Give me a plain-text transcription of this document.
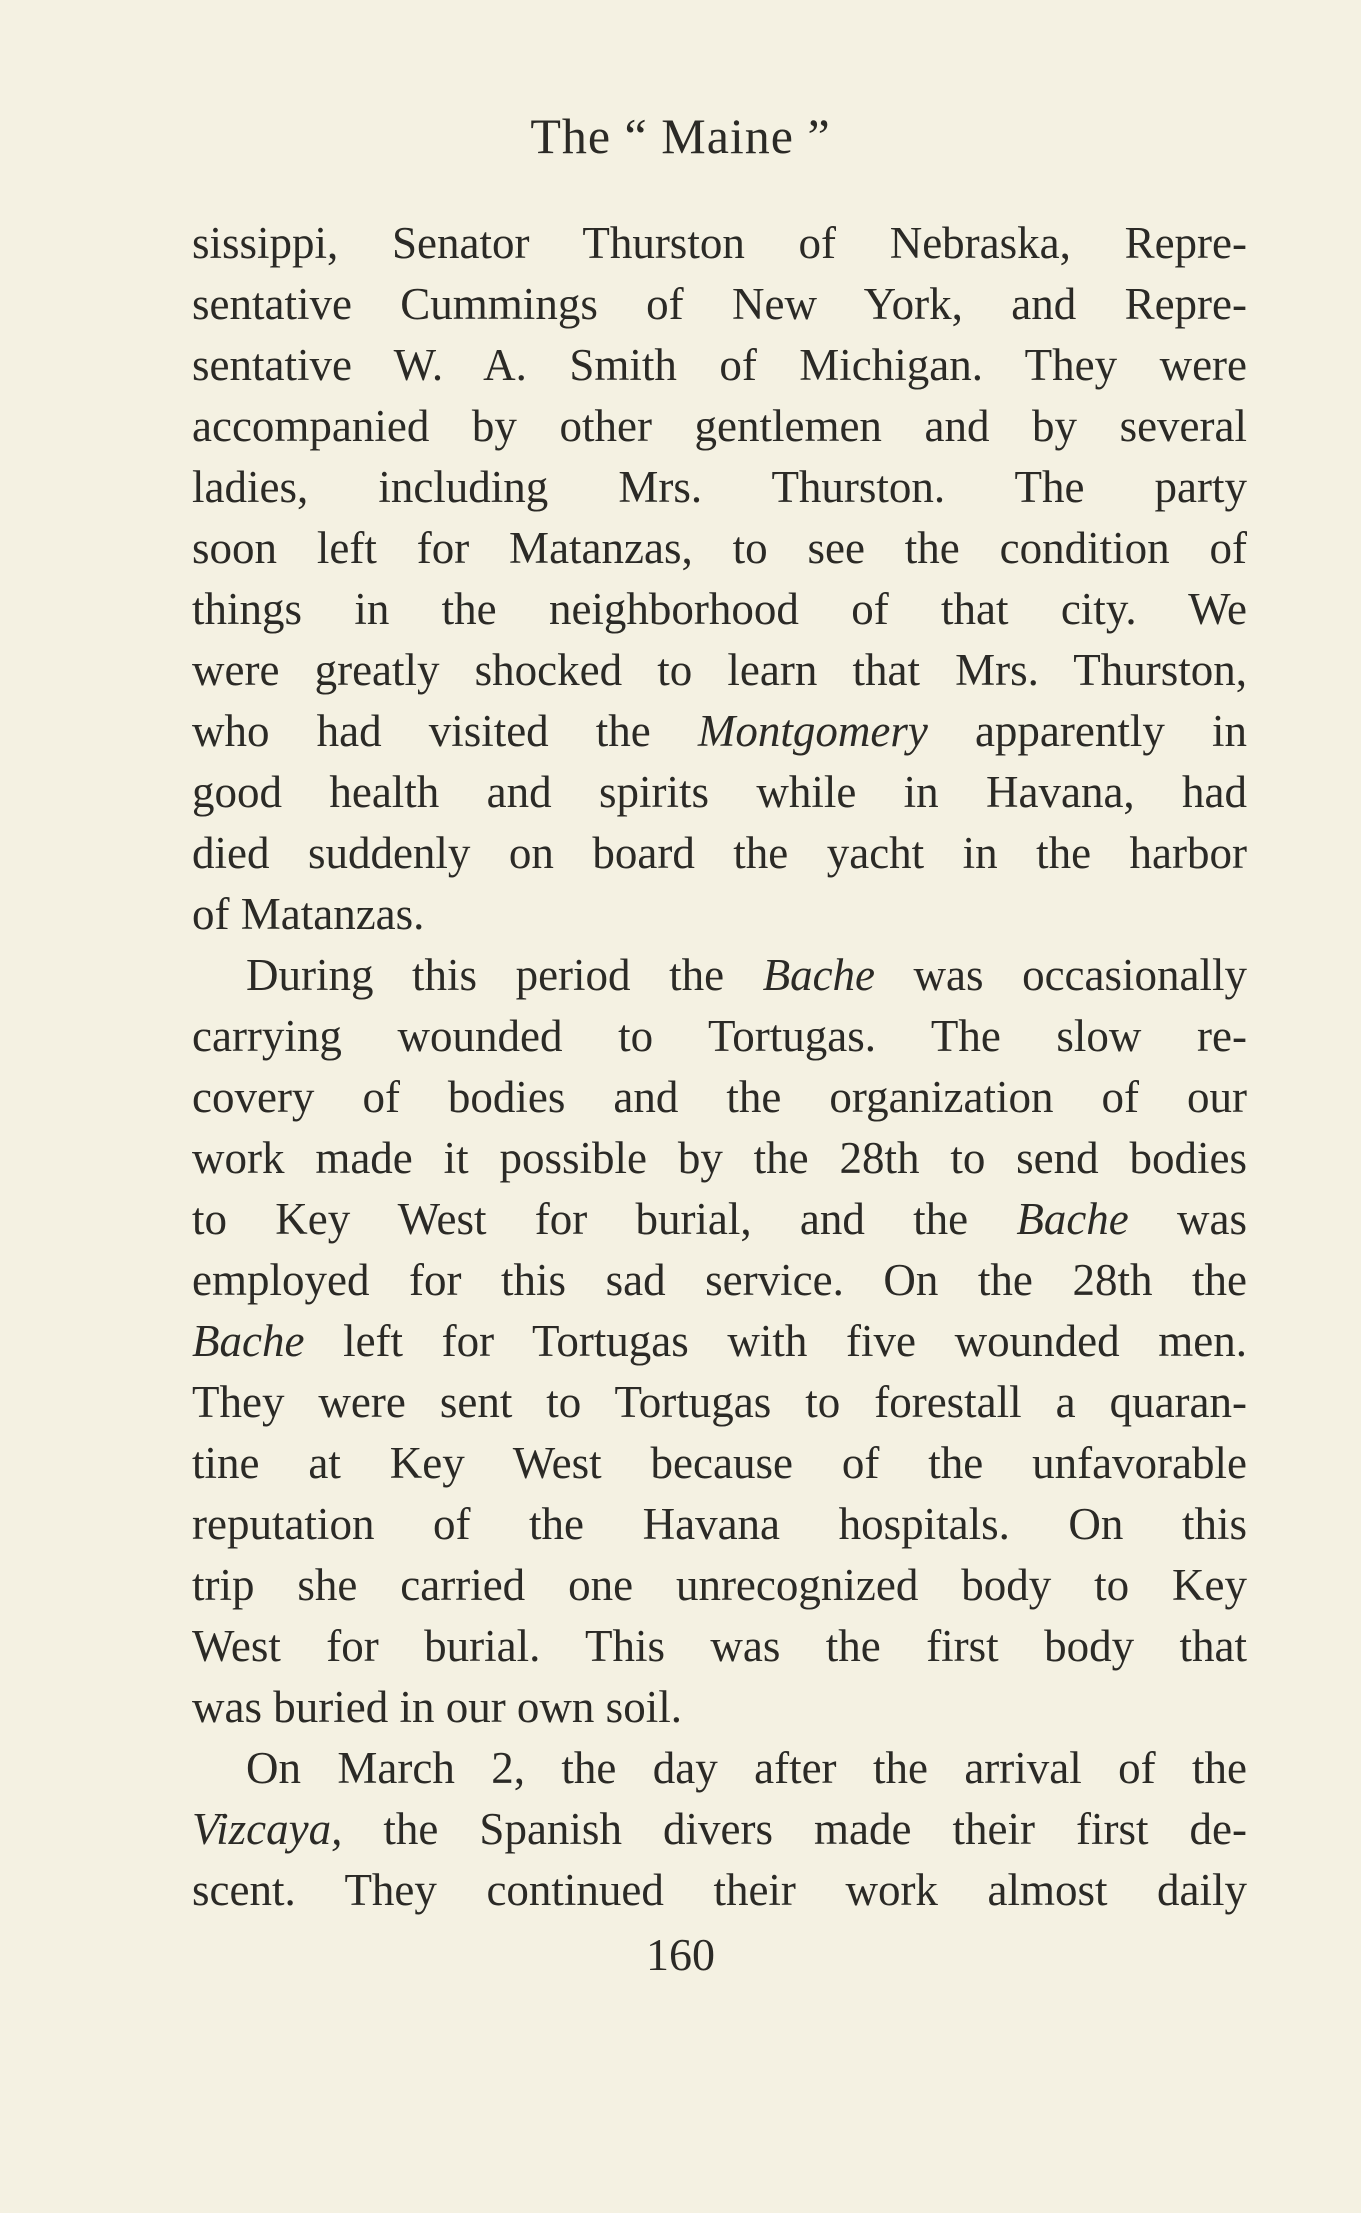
The “ Maine ”
sissippi, Senator Thurston of Nebraska, Repre-
sentative Cummings of New York, and Repre-
sentative W. A. Smith of Michigan. They were
accompanied by other gentlemen and by several
ladies, including Mrs. Thurston. The party
soon left for Matanzas, to see the condition of
things in the neighborhood of that city. We
were greatly shocked to learn that Mrs. Thurston,
who had visited the Montgomery apparently in
good health and spirits while in Havana, had
died suddenly on board the yacht in the harbor
of Matanzas.
During this period the Bache was occasionally
carrying wounded to Tortugas. The slow re-
covery of bodies and the organization of our
work made it possible by the 28th to send bodies
to Key West for burial, and the Bache was
employed for this sad service. On the 28th the
Bache left for Tortugas with five wounded men.
They were sent to Tortugas to forestall a quaran-
tine at Key West because of the unfavorable
reputation of the Havana hospitals. On this
trip she carried one unrecognized body to Key
West for burial. This was the first body that
was buried in our own soil.
On March 2, the day after the arrival of the
Vizcaya, the Spanish divers made their first de-
scent. They continued their work almost daily
160
